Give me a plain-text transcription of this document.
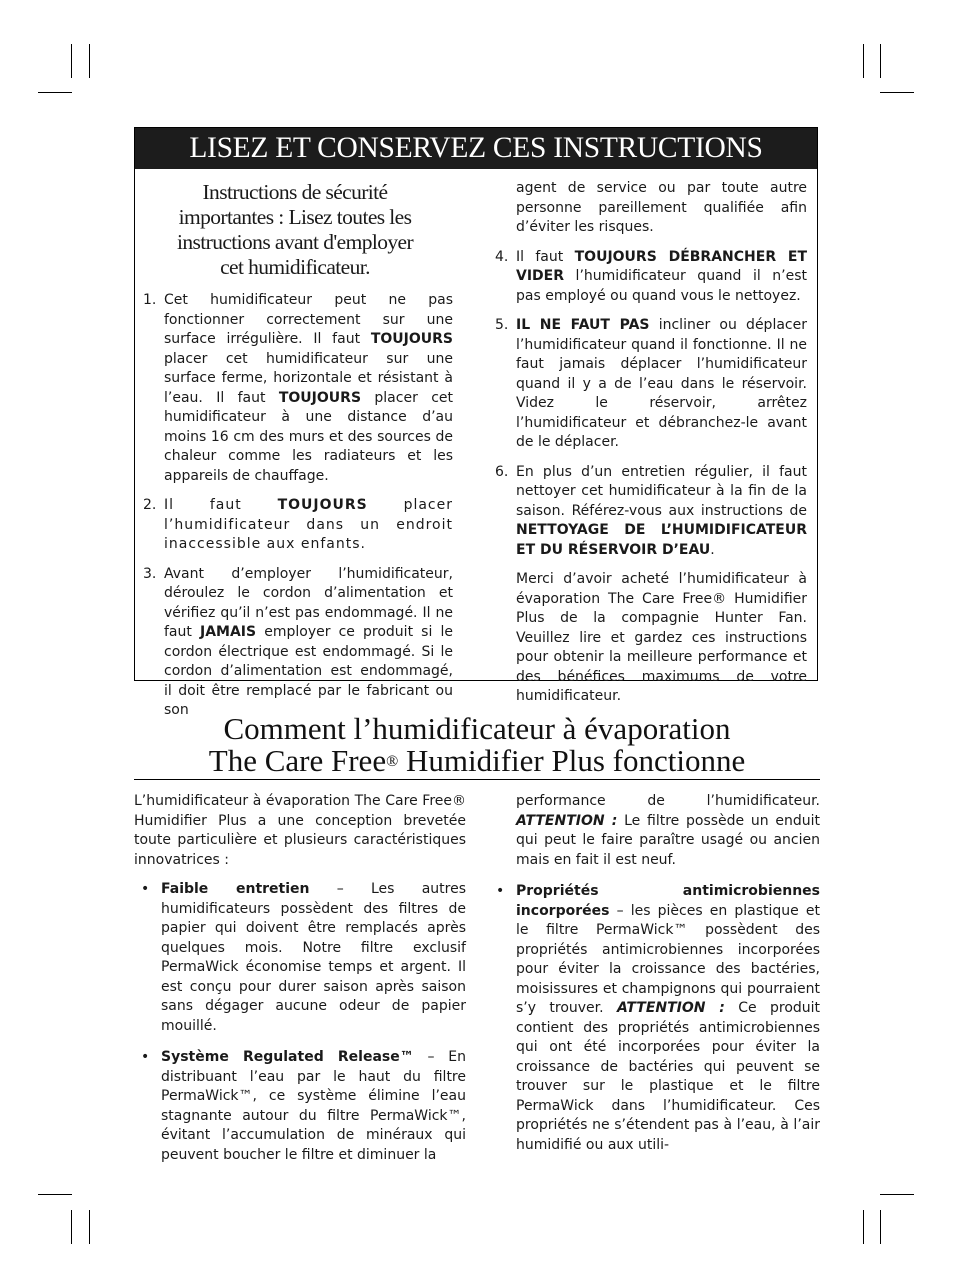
LISEZ ET CONSERVEZ CES INSTRUCTIONS
Instructions de sécurité importantes : Lisez toutes les instructions avant d'employer cet humidificateur.
1. Cet humidificateur peut ne pas fonctionner correctement sur une surface irrégulière. Il faut TOUJOURS placer cet humidificateur sur une surface ferme, horizontale et résistant à l’eau. Il faut TOUJOURS placer cet humidificateur à une distance d’au moins 16 cm des murs et des sources de chaleur comme les radiateurs et les appareils de chauffage.

2. Il faut TOUJOURS placer l’humidificateur dans un endroit inaccessible aux enfants.

3. Avant d’employer l’humidificateur, déroulez le cordon d’alimentation et vérifiez qu’il n’est pas endommagé. Il ne faut JAMAIS employer ce produit si le cordon électrique est endommagé. Si le cordon d’alimentation est endommagé, il doit être remplacé par le fabricant ou son

agent de service ou par toute autre personne pareillement qualifiée afin d’éviter les risques.

4. Il faut TOUJOURS DÉBRANCHER ET VIDER l’humidificateur quand il n’est pas employé ou quand vous le nettoyez.

5. IL NE FAUT PAS incliner ou déplacer l’humidificateur quand il fonctionne. Il ne faut jamais déplacer l’humidificateur quand il y a de l’eau dans le réservoir. Videz le réservoir, arrêtez l’humidificateur et débranchez-le avant de le déplacer.

6. En plus d’un entretien régulier, il faut nettoyer cet humidificateur à la fin de la saison. Référez-vous aux instructions de NETTOYAGE DE L’HUMIDIFICATEUR ET DU RÉSERVOIR D’EAU.

Merci d’avoir acheté l’humidificateur à évaporation The Care Free® Humidifier Plus de la compagnie Hunter Fan. Veuillez lire et gardez ces instructions pour obtenir la meilleure performance et des bénéfices maximums de votre humidificateur.

Comment l’humidificateur à évaporation
The Care Free® Humidifier Plus fonctionne

L’humidificateur à évaporation The Care Free® Humidifier Plus a une conception brevetée toute particulière et plusieurs caractéristiques innovatrices :

• Faible entretien – Les autres humidificateurs possèdent des filtres de papier qui doivent être remplacés après quelques mois. Notre filtre exclusif PermaWick économise temps et argent. Il est conçu pour durer saison après saison sans dégager aucune odeur de papier mouillé.

• Système Regulated Release™ – En distribuant l’eau par le haut du filtre PermaWick™, ce système élimine l’eau stagnante autour du filtre PermaWick™, évitant l’accumulation de minéraux qui peuvent boucher le filtre et diminuer la

performance de l’humidificateur. ATTENTION : Le filtre possède un enduit qui peut le faire paraître usagé ou ancien mais en fait il est neuf.

• Propriétés antimicrobiennes incorporées – les pièces en plastique et le filtre PermaWick™ possèdent des propriétés antimicrobiennes incorporées pour éviter la croissance des bactéries, moisissures et champignons qui pourraient s’y trouver. ATTENTION : Ce produit contient des propriétés antimicrobiennes qui ont été incorporées pour éviter la croissance de bactéries qui peuvent se trouver sur le plastique et le filtre PermaWick dans l’humidificateur. Ces propriétés ne s’étendent pas à l’eau, à l’air humidifié ou aux utili-
